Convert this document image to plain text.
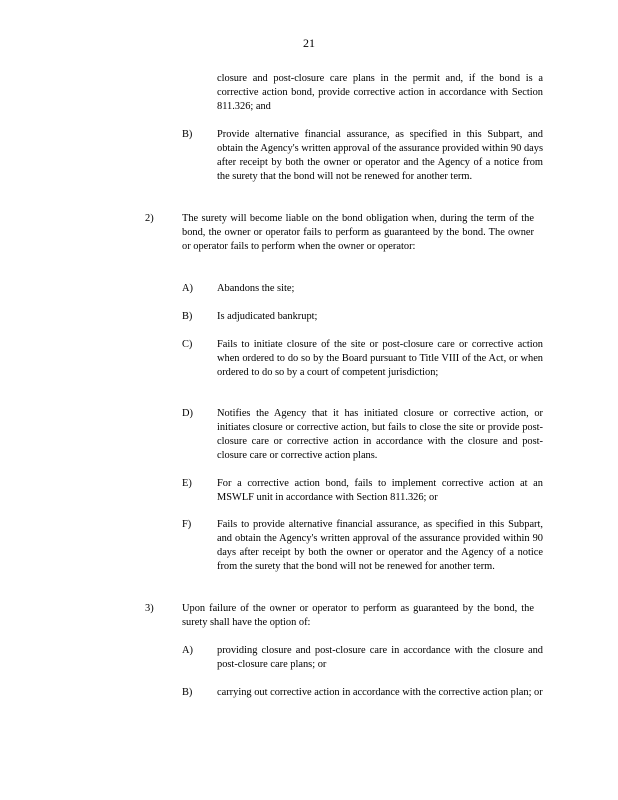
21

closure and post-closure care plans in the permit and, if the bond is a corrective action bond, provide corrective action in accordance with Section 811.326; and

B) Provide alternative financial assurance, as specified in this Subpart, and obtain the Agency's written approval of the assurance provided within 90 days after receipt by both the owner or operator and the Agency of a notice from the surety that the bond will not be renewed for another term.

2)	The surety will become liable on the bond obligation when, during the term of the bond, the owner or operator fails to perform as guaranteed by the bond. The owner or operator fails to perform when the owner or operator:

A) Abandons the site;

B) Is adjudicated bankrupt;

C) Fails to initiate closure of the site or post-closure care or corrective action when ordered to do so by the Board pursuant to Title VIII of the Act, or when ordered to do so by a court of competent jurisdiction;

D) Notifies the Agency that it has initiated closure or corrective action, or initiates closure or corrective action, but fails to close the site or provide post-closure care or corrective action in accordance with the closure and post-closure care or corrective action plans.

E) For a corrective action bond, fails to implement corrective action at an MSWLF unit in accordance with Section 811.326; or

F) Fails to provide alternative financial assurance, as specified in this Subpart, and obtain the Agency's written approval of the assurance provided within 90 days after receipt by both the owner or operator and the Agency of a notice from the surety that the bond will not be renewed for another term.

3)	Upon failure of the owner or operator to perform as guaranteed by the bond, the surety shall have the option of:

A) providing closure and post-closure care in accordance with the closure and post-closure care plans; or

B) carrying out corrective action in accordance with the corrective action plan; or
